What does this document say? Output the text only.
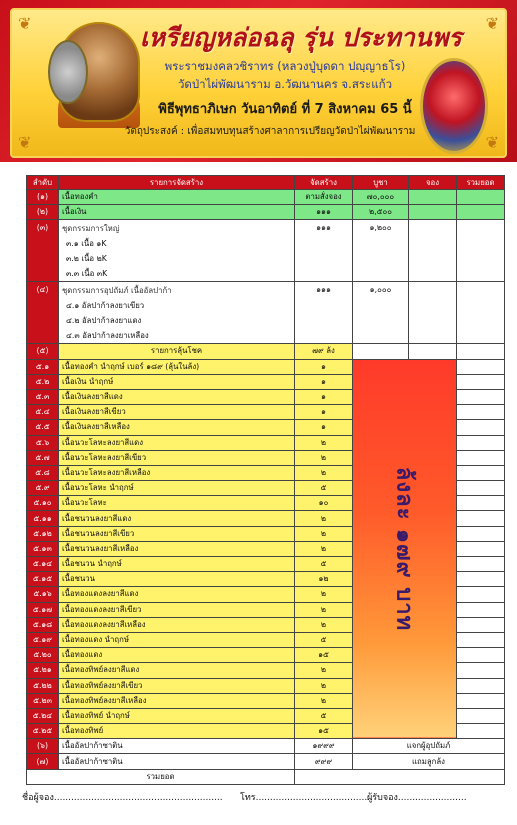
❦	❦
❦	❦
เหรียญหล่อฉลุ รุ่น ประทานพร
พระราชมงคลวชิราทร (หลวงปู่บุดดา ปญฺญาธโร)
วัดป่าไผ่พัฒนาราม อ.วัฒนานคร จ.สระแก้ว
พิธีพุทธาภิเษก วันอาทิตย์ ที่ 7 สิงหาคม 65 นี้
วัตถุประสงค์ : เพื่อสมทบทุนสร้างศาลาการเปรียญวัดป่าไผ่พัฒนาราม
ลำดับ	รายการจัดสร้าง	จัดสร้าง	บูชา	จอง	รวมยอด
(๑)	เนื้อทองคำ	ตามสั่งจอง	๗๐,๐๐๐		
(๒)	เนื้อเงิน	๑๑๑	๒,๕๐๐		
(๓)	ชุดกรรมการใหญ่
๓.๑ เนื้อ ๑K
๓.๒ เนื้อ ๒K
๓.๓ เนื้อ ๓K	๑๑๑	๑,๒๐๐		
(๔)	ชุดกรรมการอุปถัมภ์ เนื้ออัลปาก้า
๔.๑ อัลปาก้าลงยาเขียว
๔.๒ อัลปาก้าลงยาแดง
๔.๓ อัลปาก้าลงยาเหลือง	๑๑๑	๑,๐๐๐		
(๕)	รายการลุ้นโชค	๗๙ ล้ง			
๕.๑	เนื้อทองคำ นำฤกษ์ เบอร์ ๑๘๙ (ลุ้นในล้ง)	๑	ล้งละ ๑๗๙ บาท		

๕.๒	เนื้อเงิน นำฤกษ์	๑			
๕.๓	เนื้อเงินลงยาสีแดง	๑			
๕.๔	เนื้อเงินลงยาสีเขียว	๑			
๕.๕	เนื้อเงินลงยาสีเหลือง	๑			
๕.๖	เนื้อนวะโลหะลงยาสีแดง	๒			
๕.๗	เนื้อนวะโลหะลงยาสีเขียว	๒			
๕.๘	เนื้อนวะโลหะลงยาสีเหลือง	๒			
๕.๙	เนื้อนวะโลหะ นำฤกษ์	๕			
๕.๑๐	เนื้อนวะโลหะ	๑๐			
๕.๑๑	เนื้อชนวนลงยาสีแดง	๒			
๕.๑๒	เนื้อชนวนลงยาสีเขียว	๒			
๕.๑๓	เนื้อชนวนลงยาสีเหลือง	๒			
๕.๑๔	เนื้อชนวน นำฤกษ์	๕			
๕.๑๕	เนื้อชนวน	๑๒			
๕.๑๖	เนื้อทองแดงลงยาสีแดง	๒			
๕.๑๗	เนื้อทองแดงลงยาสีเขียว	๒			
๕.๑๘	เนื้อทองแดงลงยาสีเหลือง	๒			
๕.๑๙	เนื้อทองแดง นำฤกษ์	๕			
๕.๒๐	เนื้อทองแดง	๑๕			
๕.๒๑	เนื้อทองทิพย์ลงยาสีแดง	๒			
๕.๒๒	เนื้อทองทิพย์ลงยาสีเขียว	๒			
๕.๒๓	เนื้อทองทิพย์ลงยาสีเหลือง	๒			
๕.๒๔	เนื้อทองทิพย์ นำฤกษ์	๕			
๕.๒๕	เนื้อทองทิพย์	๑๕			
(๖)	เนื้ออัลปาก้าซาติน	๑๙๙๙	แจกผู้อุปถัมภ์		
(๗)	เนื้ออัลปาก้าซาติน	๙๙๙	แถมลูกล้ง		
รวมยอด					
ชื่อผู้จอง........................................................... โทร.........................................
ผู้รับจอง........................
